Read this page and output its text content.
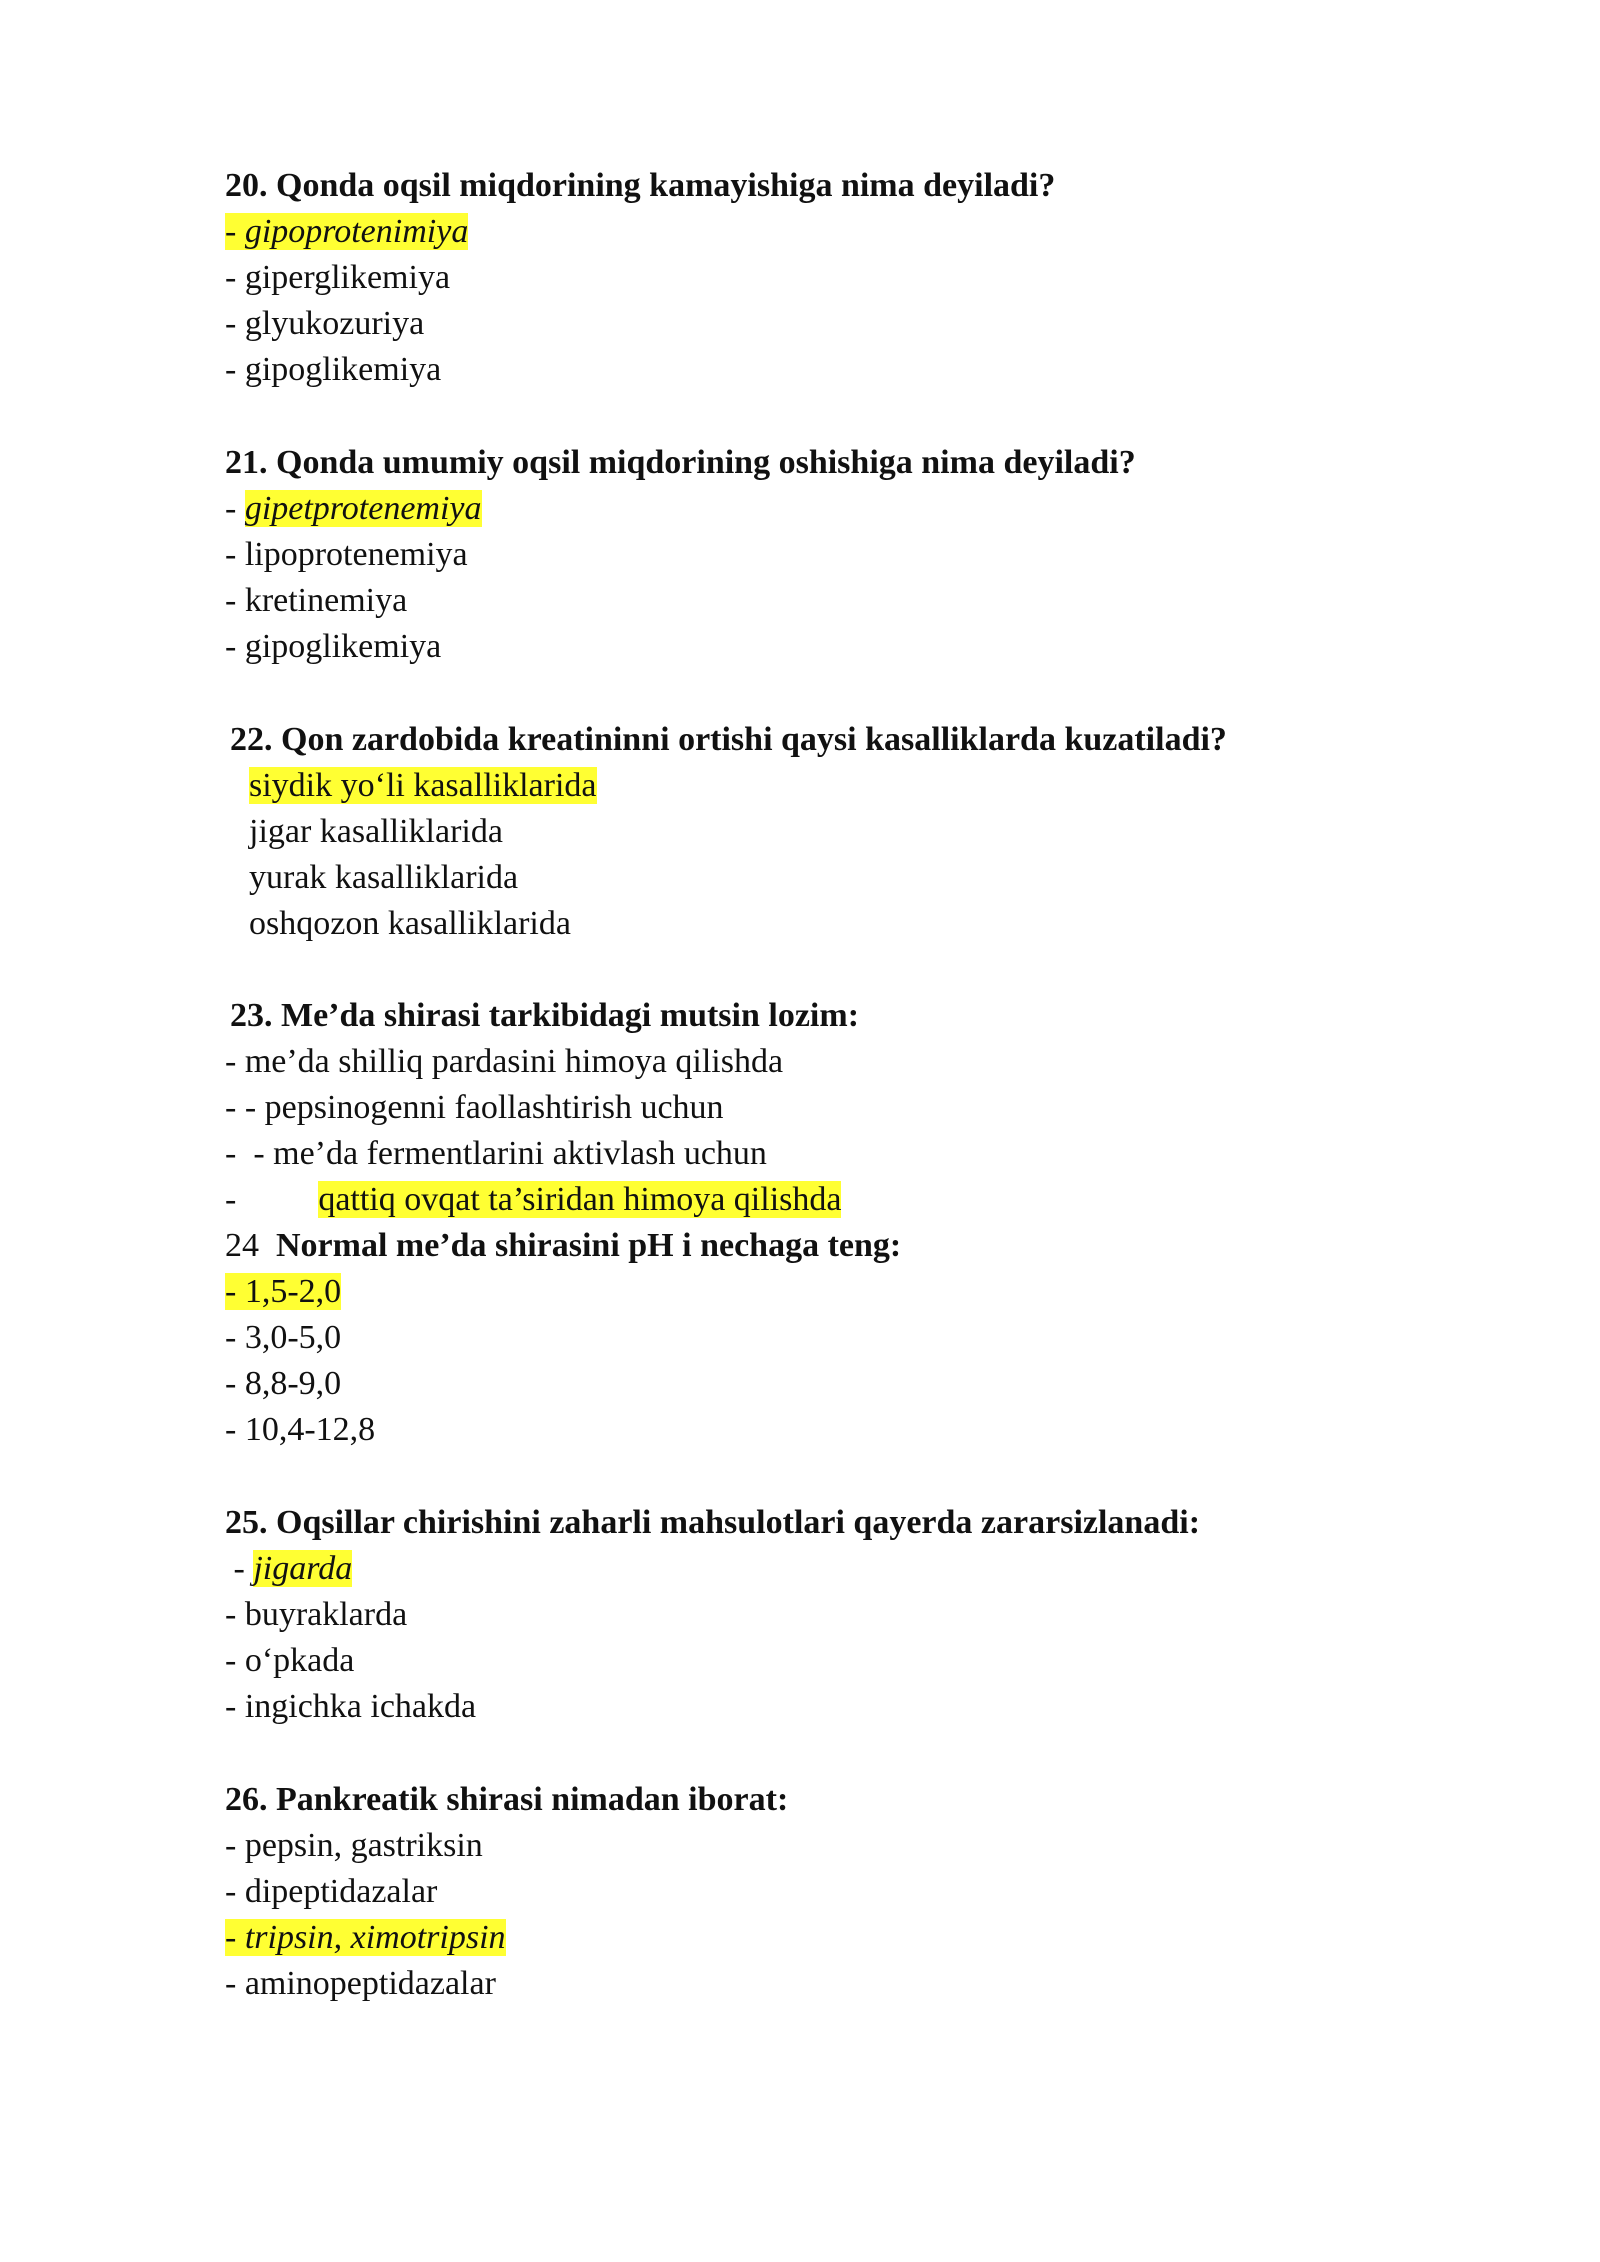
20. Qonda oqsil miqdorining kamayishiga nima deyiladi?
- gipoprotenimiya
- giperglikemiya
- glyukozuriya
- gipoglikemiya
21. Qonda umumiy oqsil miqdorining oshishiga nima deyiladi?
- gipetprotenemiya
- lipoprotenemiya
- kretinemiya
- gipoglikemiya
22. Qon zardobida kreatininni ortishi qaysi kasalliklarda kuzatiladi?
siydik yo‘li kasalliklarida
jigar kasalliklarida
yurak kasalliklarida
oshqozon kasalliklarida
23. Me’da shirasi tarkibidagi mutsin lozim:
- me’da shilliq pardasini himoya qilishda
- - pepsinogenni faollashtirish uchun
-  - me’da fermentlarini aktivlash uchun
- qattiq ovqat ta’siridan himoya qilishda
24 Normal me’da shirasini pH i nechaga teng:
- 1,5-2,0
- 3,0-5,0
- 8,8-9,0
- 10,4-12,8
25. Oqsillar chirishini zaharli mahsulotlari qayerda zararsizlanadi:
- jigarda
- buyraklarda
- o‘pkada
- ingichka ichakda
26. Pankreatik shirasi nimadan iborat:
- pepsin, gastriksin
- dipeptidazalar
- tripsin, ximotripsin
- aminopeptidazalar
